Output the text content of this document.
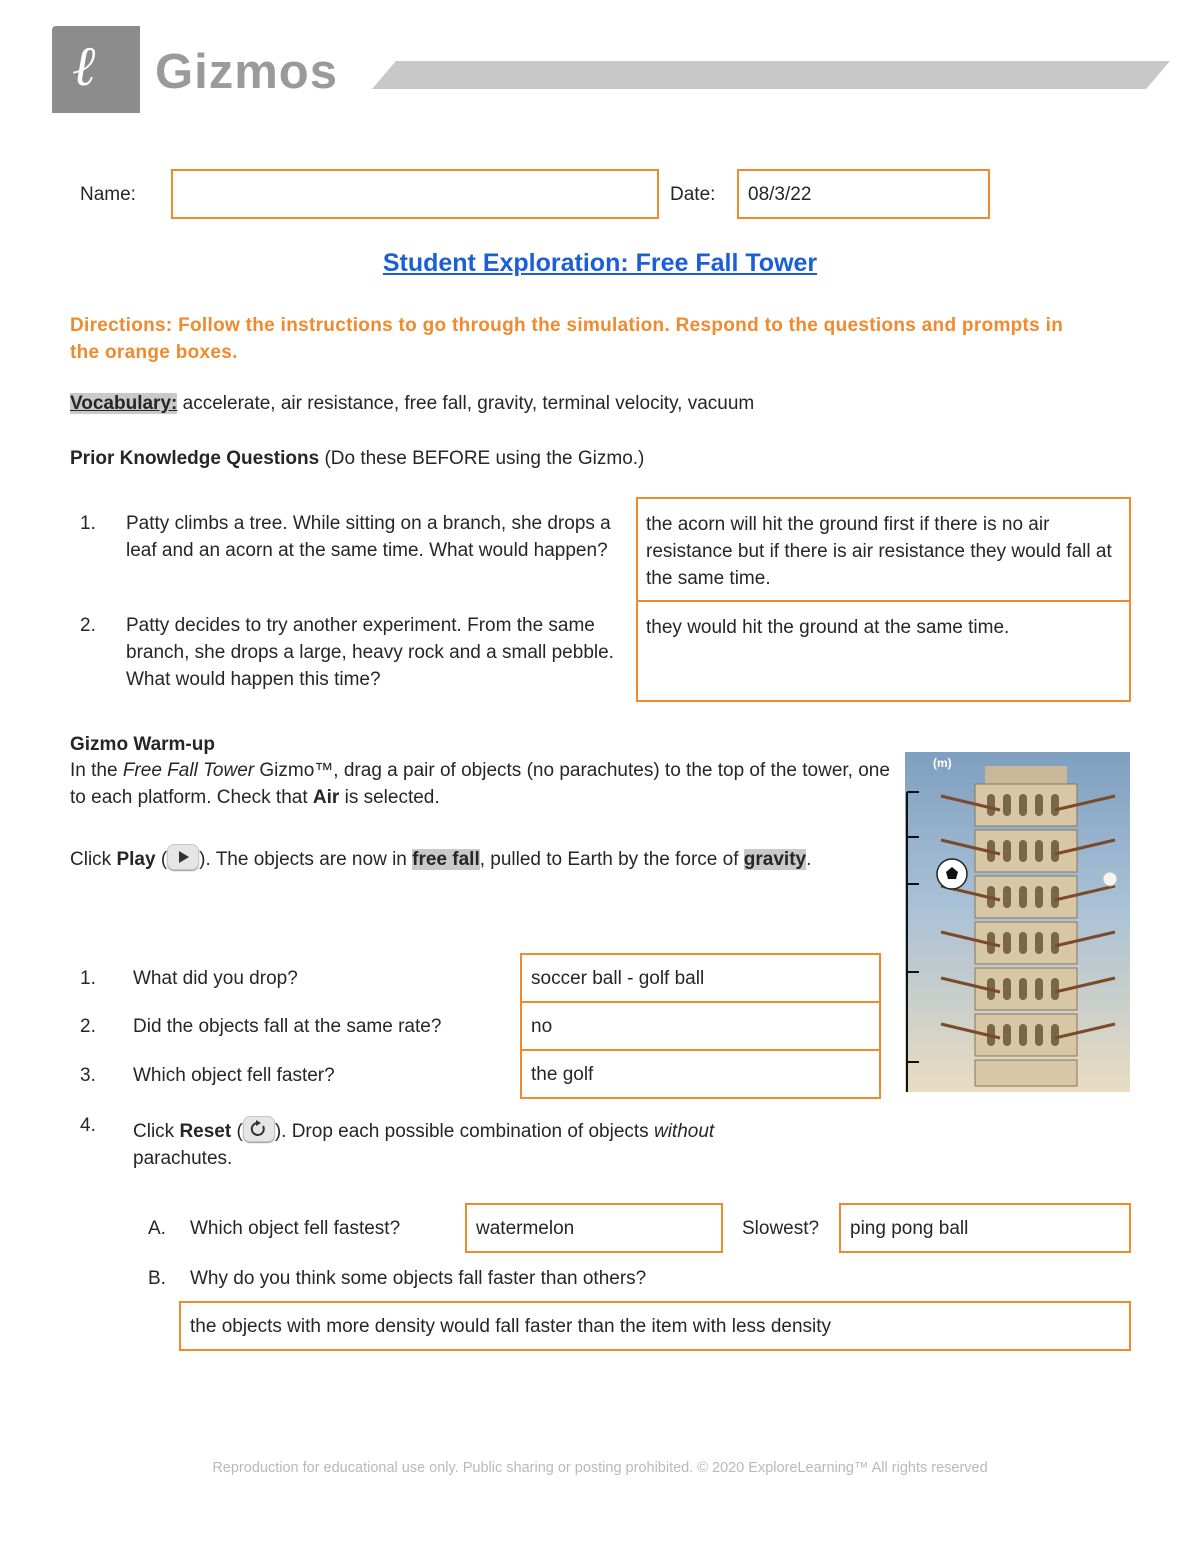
ℓ Gizmos
Name:	Date: 08/3/22
Student Exploration: Free Fall Tower
Directions: Follow the instructions to go through the simulation. Respond to the questions and prompts in the orange boxes.
Vocabulary: accelerate, air resistance, free fall, gravity, terminal velocity, vacuum
Prior Knowledge Questions (Do these BEFORE using the Gizmo.)
1. Patty climbs a tree. While sitting on a branch, she drops a leaf and an acorn at the same time. What would happen?
the acorn will hit the ground first if there is no air resistance but if there is air resistance they would fall at the same time.
2. Patty decides to try another experiment. From the same branch, she drops a large, heavy rock and a small pebble. What would happen this time?
they would hit the ground at the same time.
Gizmo Warm-up
In the Free Fall Tower Gizmo™, drag a pair of objects (no parachutes) to the top of the tower, one to each platform. Check that Air is selected.
Click Play ( ). The objects are now in free fall, pulled to Earth by the force of gravity.
(m)
1. What did you drop?	soccer ball - golf ball
2. Did the objects fall at the same rate?	no
3. Which object fell faster?	the golf
4. Click Reset ( ). Drop each possible combination of objects without parachutes.
A. Which object fell fastest?	watermelon	Slowest? ping pong ball
B. Why do you think some objects fall faster than others?
the objects with more density would fall faster than the item with less density
Reproduction for educational use only. Public sharing or posting prohibited. © 2020 ExploreLearning™ All rights reserved
